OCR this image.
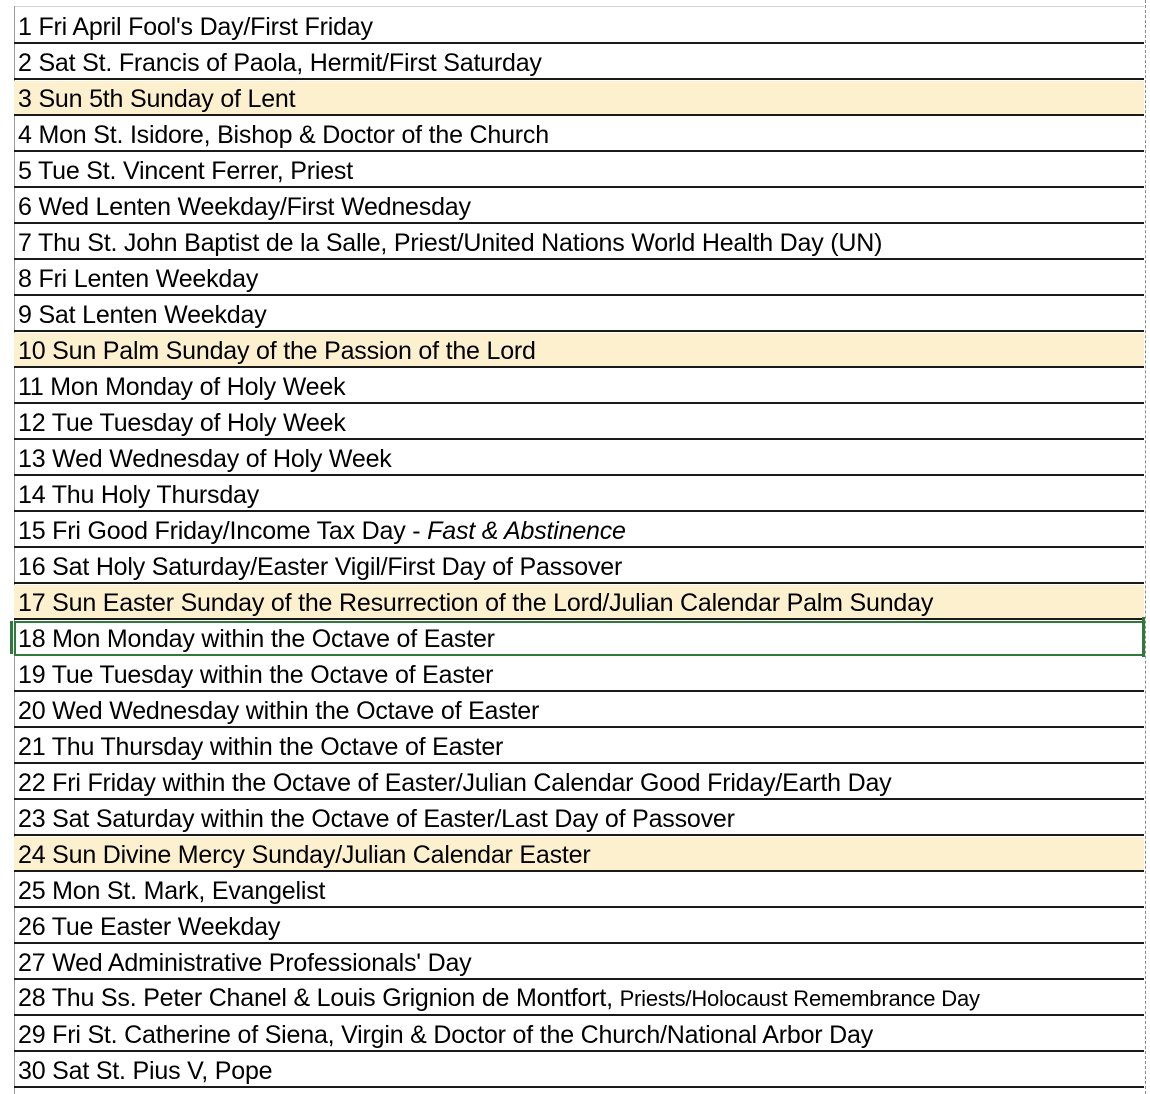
1 Fri April Fool's Day/First Friday
2 Sat St. Francis of Paola, Hermit/First Saturday
3 Sun 5th Sunday of Lent
4 Mon St. Isidore, Bishop & Doctor of the Church
5 Tue St. Vincent Ferrer, Priest
6 Wed Lenten Weekday/First Wednesday
7 Thu St. John Baptist de la Salle, Priest/United Nations World Health Day (UN)
8 Fri Lenten Weekday
9 Sat Lenten Weekday
10 Sun Palm Sunday of the Passion of the Lord
11 Mon Monday of Holy Week
12 Tue Tuesday of Holy Week
13 Wed Wednesday of Holy Week
14 Thu Holy Thursday
15 Fri Good Friday/Income Tax Day - Fast & Abstinence
16 Sat Holy Saturday/Easter Vigil/First Day of Passover
17 Sun Easter Sunday of the Resurrection of the Lord/Julian Calendar Palm Sunday
18 Mon Monday within the Octave of Easter
19 Tue Tuesday within the Octave of Easter
20 Wed Wednesday within the Octave of Easter
21 Thu Thursday within the Octave of Easter
22 Fri Friday within the Octave of Easter/Julian Calendar Good Friday/Earth Day
23 Sat Saturday within the Octave of Easter/Last Day of Passover
24 Sun Divine Mercy Sunday/Julian Calendar Easter
25 Mon St. Mark, Evangelist
26 Tue Easter Weekday
27 Wed Administrative Professionals' Day
28 Thu Ss. Peter Chanel & Louis Grignion de Montfort, Priests/Holocaust Remembrance Day
29 Fri St. Catherine of Siena, Virgin & Doctor of the Church/National Arbor Day
30 Sat St. Pius V, Pope
